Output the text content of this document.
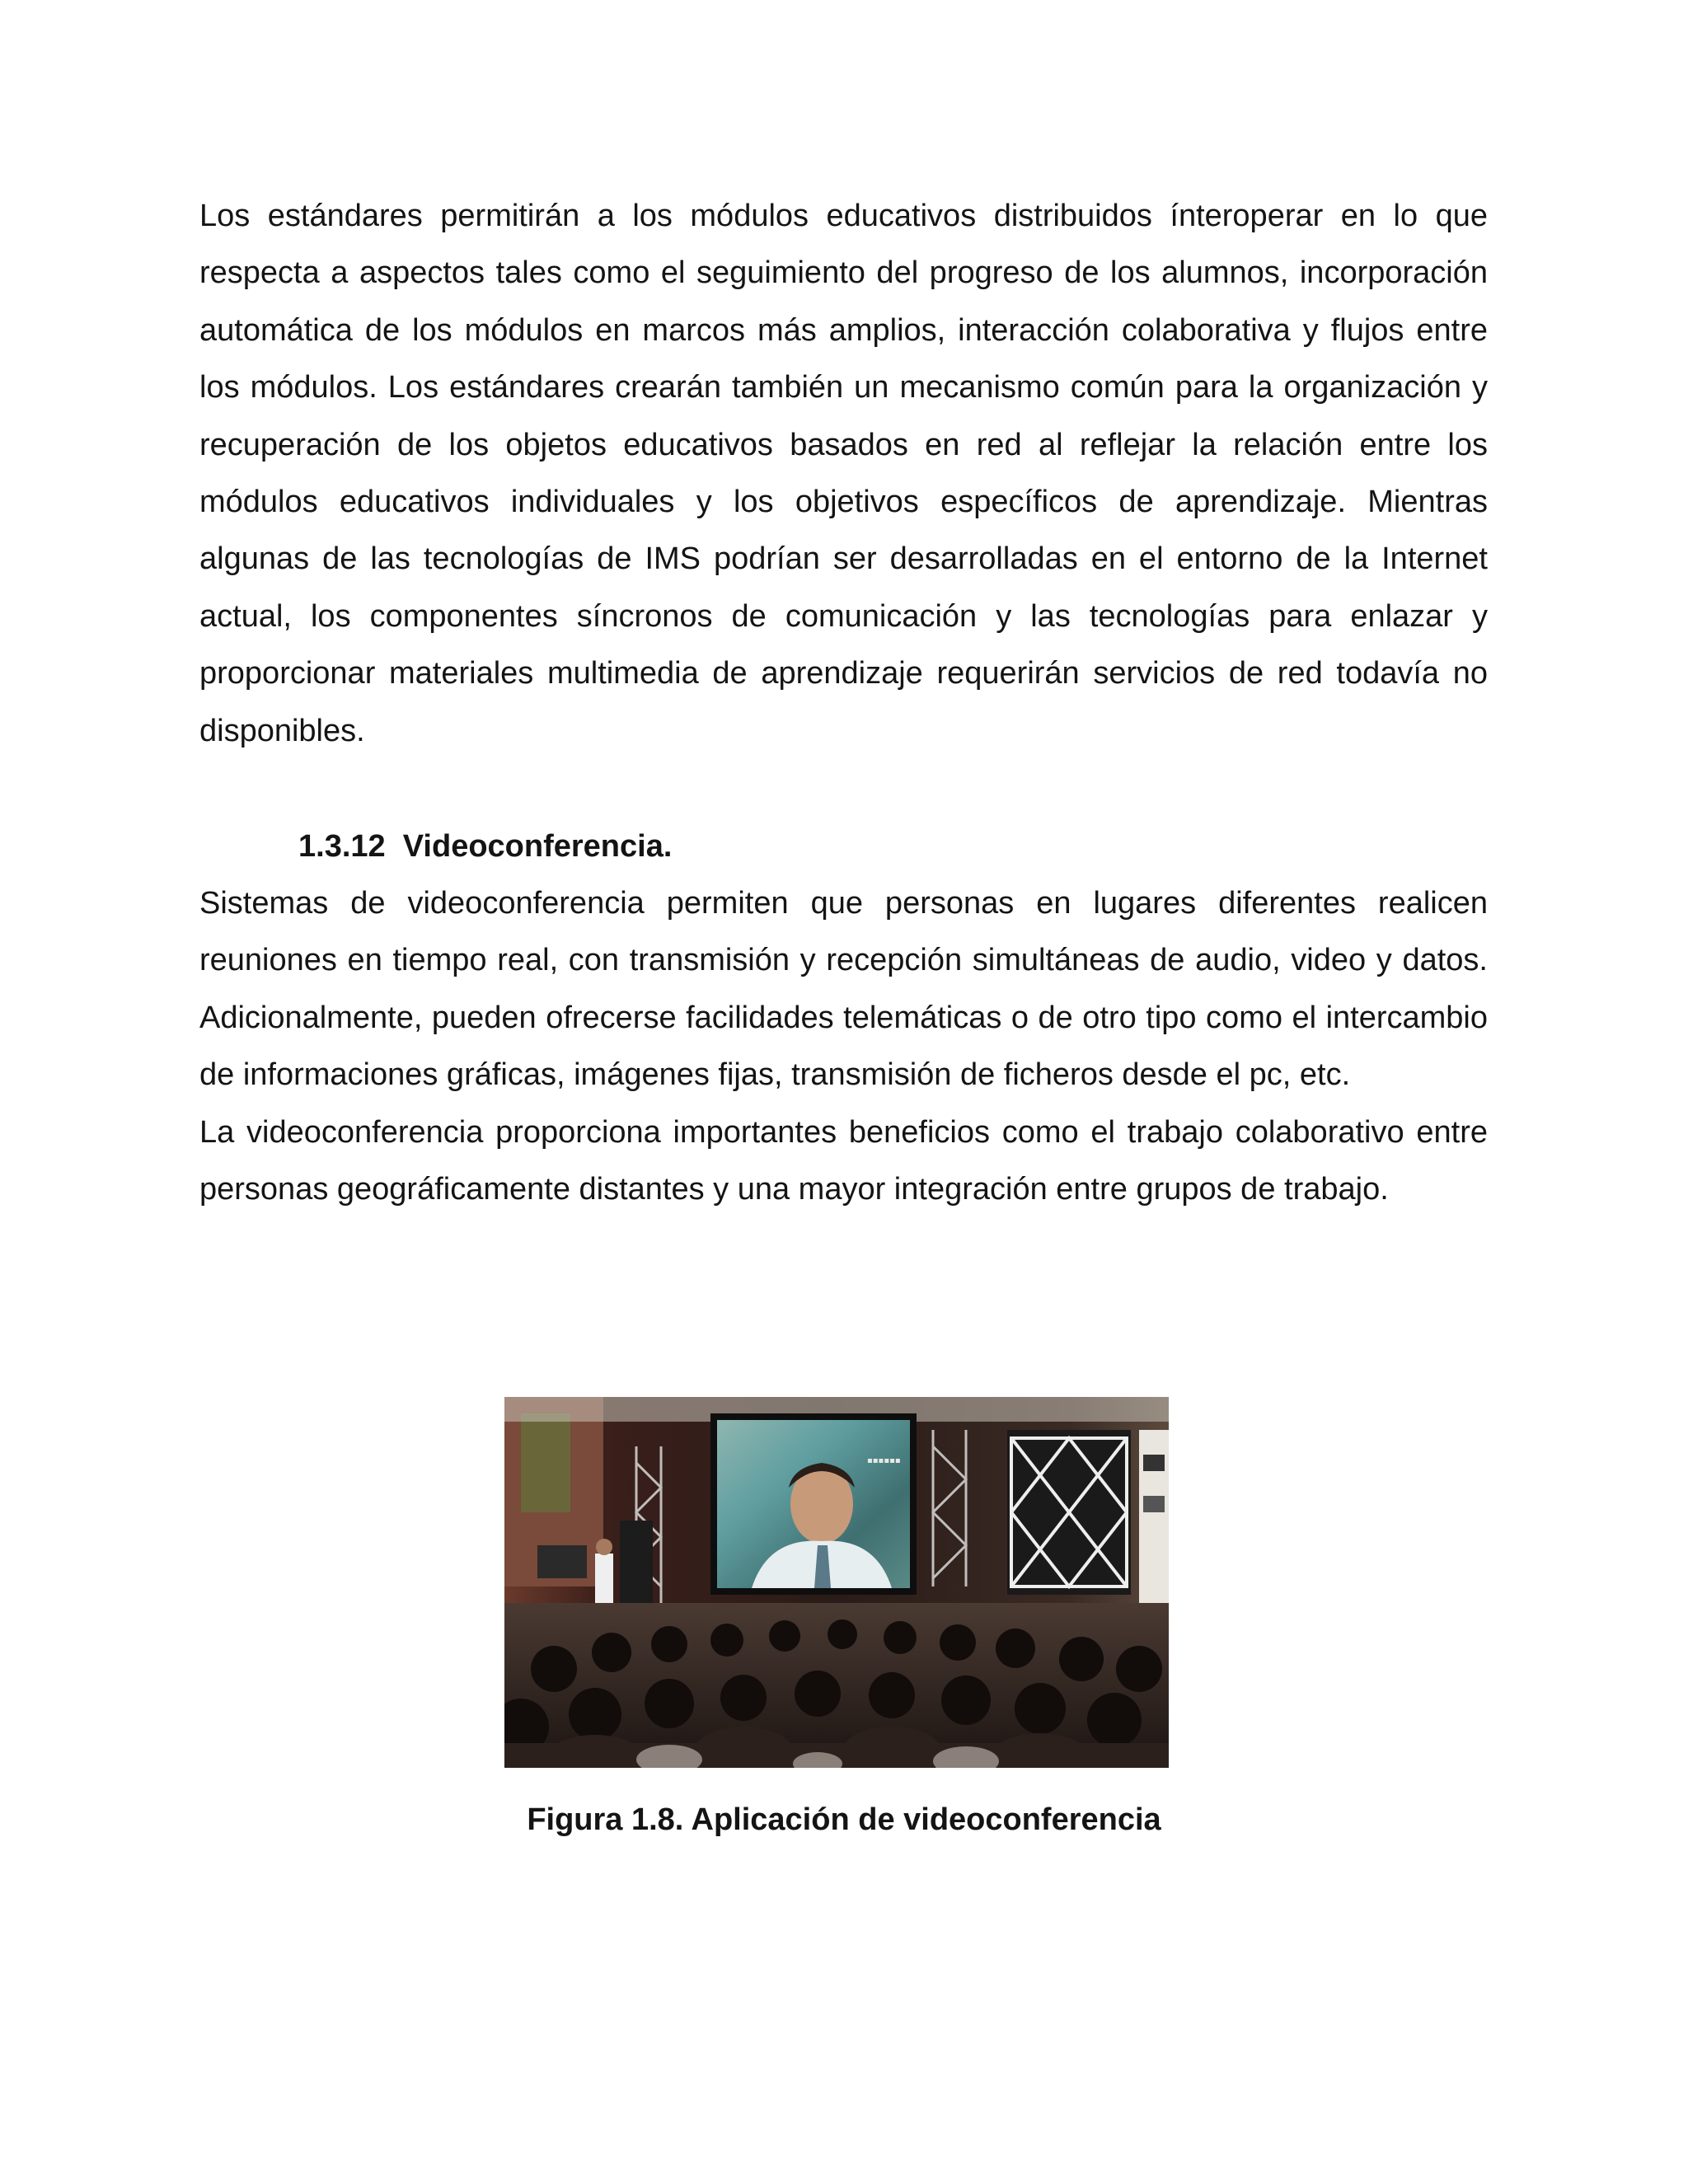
Los estándares permitirán a los módulos educativos distribuidos ínteroperar en lo que respecta a aspectos tales como el seguimiento del progreso de los alumnos, incorporación automática de los módulos en marcos más amplios, interacción colaborativa y flujos entre los módulos. Los estándares crearán también un mecanismo común para la organización y recuperación de los objetos educativos basados en red al reflejar la relación entre los módulos educativos individuales y los objetivos específicos de aprendizaje. Mientras algunas de las tecnologías de IMS podrían ser desarrolladas en el entorno de la Internet actual, los componentes síncronos de comunicación y las tecnologías para enlazar y proporcionar materiales multimedia de aprendizaje requerirán servicios de red todavía no disponibles.

1.3.12  Videoconferencia.

Sistemas de videoconferencia permiten que personas en lugares diferentes realicen reuniones en tiempo real, con transmisión y recepción simultáneas de audio, video y datos. Adicionalmente, pueden ofrecerse facilidades telemáticas o de otro tipo como el intercambio de informaciones gráficas, imágenes fijas, transmisión de ficheros desde el pc, etc.

La videoconferencia proporciona importantes beneficios como el trabajo colaborativo entre personas geográficamente distantes y una mayor integración entre grupos de trabajo.

▪▪▪▪▪▪
Figura 1.8. Aplicación de videoconferencia
